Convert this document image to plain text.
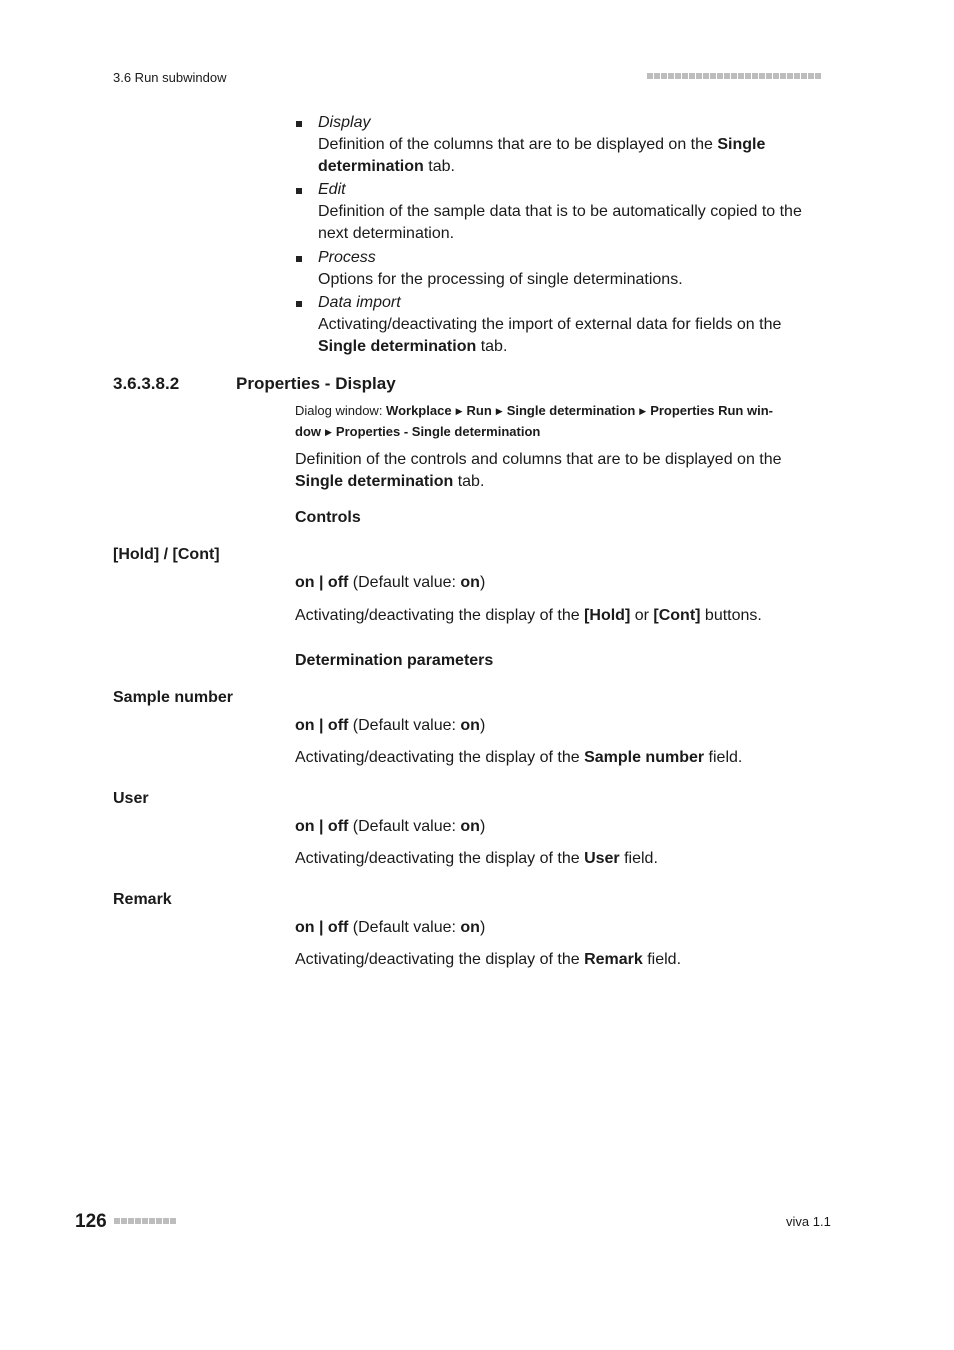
3.6 Run subwindow
Display
Definition of the columns that are to be displayed on the Single
determination tab.
Edit
Definition of the sample data that is to be automatically copied to the
next determination.
Process
Options for the processing of single determinations.
Data import
Activating/deactivating the import of external data for fields on the
Single determination tab.
3.6.3.8.2	Properties - Display
Dialog window: Workplace ▶ Run ▶ Single determination ▶ Properties Run win-
dow ▶ Properties - Single determination
Definition of the controls and columns that are to be displayed on the
Single determination tab.
Controls
[Hold] / [Cont]
on | off (Default value: on)
Activating/deactivating the display of the [Hold] or [Cont] buttons.
Determination parameters
Sample number
on | off (Default value: on)
Activating/deactivating the display of the Sample number field.
User
on | off (Default value: on)
Activating/deactivating the display of the User field.
Remark
on | off (Default value: on)
Activating/deactivating the display of the Remark field.
126	viva 1.1
